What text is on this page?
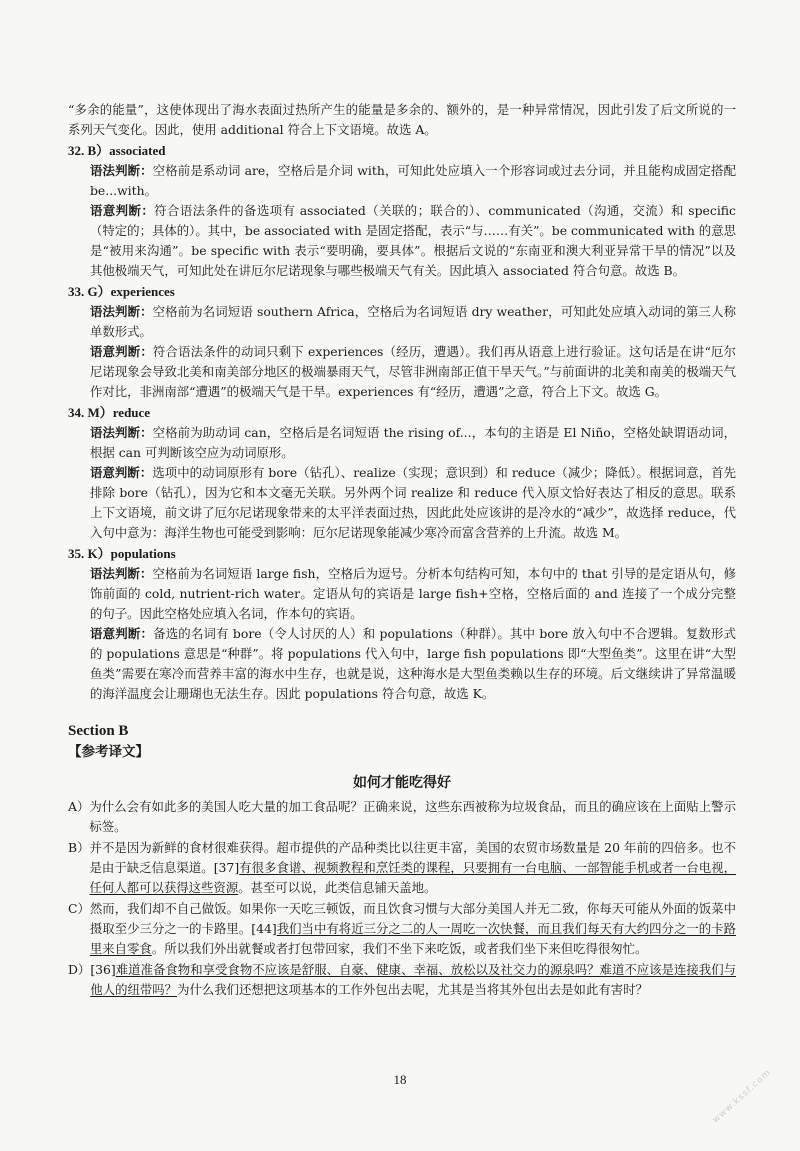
“多余的能量”，这使体现出了海水表面过热所产生的能量是多余的、额外的，是一种异常情况，因此引发了后文所说的一系列天气变化。因此，使用 additional 符合上下文语境。故选 A。

32. B）associated

语法判断：空格前是系动词 are，空格后是介词 with，可知此处应填入一个形容词或过去分词，并且能构成固定搭配 be...with。

语意判断：符合语法条件的备选项有 associated（关联的；联合的）、communicated（沟通，交流）和 specific（特定的；具体的）。其中，be associated with 是固定搭配，表示“与……有关”。be communicated with 的意思是“被用来沟通”。be specific with 表示“要明确，要具体”。根据后文说的“东南亚和澳大利亚异常干旱的情况”以及其他极端天气，可知此处在讲厄尔尼诺现象与哪些极端天气有关。因此填入 associated 符合句意。故选 B。

33. G）experiences

语法判断：空格前为名词短语 southern Africa，空格后为名词短语 dry weather，可知此处应填入动词的第三人称单数形式。

语意判断：符合语法条件的动词只剩下 experiences（经历，遭遇）。我们再从语意上进行验证。这句话是在讲“厄尔尼诺现象会导致北美和南美部分地区的极端暴雨天气，尽管非洲南部正值干旱天气。”与前面讲的北美和南美的极端天气作对比，非洲南部“遭遇”的极端天气是干旱。experiences 有“经历，遭遇”之意，符合上下文。故选 G。

34. M）reduce

语法判断：空格前为助动词 can，空格后是名词短语 the rising of...，本句的主语是 El Niño，空格处缺谓语动词，根据 can 可判断该空应为动词原形。

语意判断：选项中的动词原形有 bore（钻孔）、realize（实现；意识到）和 reduce（减少；降低）。根据词意，首先排除 bore（钻孔），因为它和本文毫无关联。另外两个词 realize 和 reduce 代入原文恰好表达了相反的意思。联系上下文语境，前文讲了厄尔尼诺现象带来的太平洋表面过热，因此此处应该讲的是冷水的“减少”，故选择 reduce，代入句中意为：海洋生物也可能受到影响：厄尔尼诺现象能减少寒冷而富含营养的上升流。故选 M。

35. K）populations

语法判断：空格前为名词短语 large fish，空格后为逗号。分析本句结构可知，本句中的 that 引导的是定语从句，修饰前面的 cold, nutrient-rich water。定语从句的宾语是 large fish+空格，空格后面的 and 连接了一个成分完整的句子。因此空格处应填入名词，作本句的宾语。

语意判断：备选的名词有 bore（令人讨厌的人）和 populations（种群）。其中 bore 放入句中不合逻辑。复数形式的 populations 意思是“种群”。将 populations 代入句中，large fish populations 即“大型鱼类”。这里在讲“大型鱼类”需要在寒冷而营养丰富的海水中生存，也就是说，这种海水是大型鱼类赖以生存的环境。后文继续讲了异常温暖的海洋温度会让珊瑚也无法生存。因此 populations 符合句意，故选 K。

Section B
【参考译文】
如何才能吃得好
A） 为什么会有如此多的美国人吃大量的加工食品呢？正确来说，这些东西被称为垃圾食品，而且的确应该在上面贴上警示标签。
B） 并不是因为新鲜的食材很难获得。超市提供的产品种类比以往更丰富，美国的农贸市场数量是 20 年前的四倍多。也不是由于缺乏信息渠道。[37]有很多食谱、视频教程和烹饪类的课程，只要拥有一台电脑、一部智能手机或者一台电视，任何人都可以获得这些资源。甚至可以说，此类信息铺天盖地。
C） 然而，我们却不自己做饭。如果你一天吃三顿饭，而且饮食习惯与大部分美国人并无二致，你每天可能从外面的饭菜中摄取至少三分之一的卡路里。[44]我们当中有将近三分之二的人一周吃一次快餐，而且我们每天有大约四分之一的卡路里来自零食。所以我们外出就餐或者打包带回家，我们不坐下来吃饭，或者我们坐下来但吃得很匆忙。
D） [36]难道准备食物和享受食物不应该是舒服、自豪、健康、幸福、放松以及社交力的源泉吗？难道不应该是连接我们与他人的纽带吗？为什么我们还想把这项基本的工作外包出去呢，尤其是当将其外包出去是如此有害时？
18	www.kssf.com
